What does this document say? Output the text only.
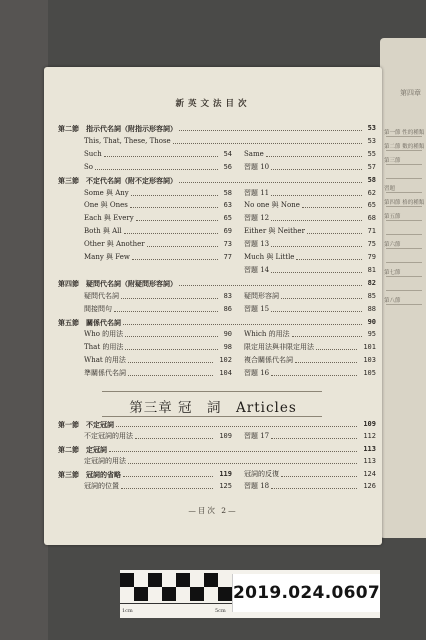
第四章
第一節 性的種類
第二節 數的種類
第三節
習題
第四節 格的種類
第五節
第六節
第七節
第八節
新英文法目次
第二節　指示代名詞（附指示形容詞）	53
This, That, These, Those	53
Such	54 Same	55
So	56 習題 10	57
第三節　不定代名詞（附不定形容詞）	58
Some 與 Any	58 習題 11	62
One 與 Ones	63 No one 與 None	65
Each 與 Every	65 習題 12	68
Both 與 All	69 Either 與 Neither	71
Other 與 Another	73 習題 13	75
Many 與 Few	77 Much 與 Little	79
習題 14	81
第四節　疑問代名詞（附疑問形容詞）	82
疑問代名詞	83 疑問形容詞	85
間接問句	86 習題 15	88
第五節　關係代名詞	90
Who 的用法	90 Which 的用法	95
That 的用法	98 限定用法與非限定用法	101
What 的用法	102 複合關係代名詞	103
準關係代名詞	104 習題 16	105
第三章 冠　詞　Articles
第一節　不定冠詞	109
不定冠詞的用法	109 習題 17	112
第二節　定冠詞	113
定冠詞的用法	113
第三節　冠詞的省略	119 冠詞的反復	124
冠詞的位置	125 習題 18	126
—目次 2—
1cm	5cm
2019.024.0607
